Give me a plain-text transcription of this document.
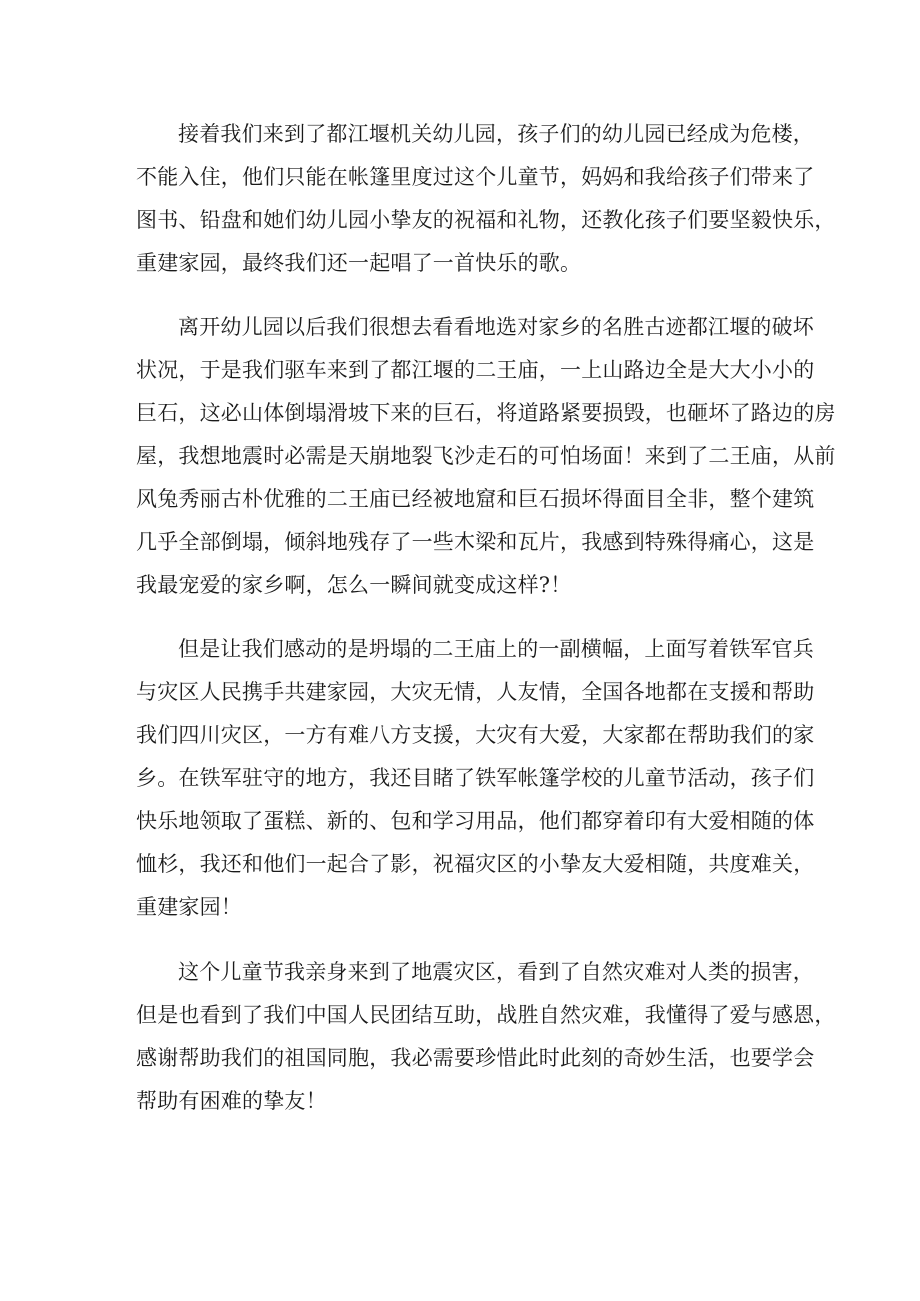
接着我们来到了都江堰机关幼儿园，孩子们的幼儿园已经成为危楼，
不能入住，他们只能在帐篷里度过这个儿童节，妈妈和我给孩子们带来了
图书、铅盘和她们幼儿园小挚友的祝福和礼物，还教化孩子们要坚毅快乐，
重建家园，最终我们还一起唱了一首快乐的歌。
离开幼儿园以后我们很想去看看地选对家乡的名胜古迹都江堰的破坏
状况，于是我们驱车来到了都江堰的二王庙，一上山路边全是大大小小的
巨石，这必山体倒塌滑坡下来的巨石，将道路紧要损毁，也砸坏了路边的房
屋，我想地震时必需是天崩地裂飞沙走石的可怕场面！来到了二王庙，从前
风兔秀丽古朴优雅的二王庙已经被地窟和巨石损坏得面目全非，整个建筑
几乎全部倒塌，倾斜地残存了一些木梁和瓦片，我感到特殊得痛心，这是
我最宠爱的家乡啊，怎么一瞬间就变成这样?！
但是让我们感动的是坍塌的二王庙上的一副横幅，上面写着铁军官兵
与灾区人民携手共建家园，大灾无情，人友情，全国各地都在支援和帮助
我们四川灾区，一方有难八方支援，大灾有大爱，大家都在帮助我们的家
乡。在铁军驻守的地方，我还目睹了铁军帐篷学校的儿童节活动，孩子们
快乐地领取了蛋糕、新的、包和学习用品，他们都穿着印有大爱相随的体
恤杉，我还和他们一起合了影，祝福灾区的小挚友大爱相随，共度难关，
重建家园！
这个儿童节我亲身来到了地震灾区，看到了自然灾难对人类的损害，
但是也看到了我们中国人民团结互助，战胜自然灾难，我懂得了爱与感恩，
感谢帮助我们的祖国同胞，我必需要珍惜此时此刻的奇妙生活，也要学会
帮助有困难的挚友！
